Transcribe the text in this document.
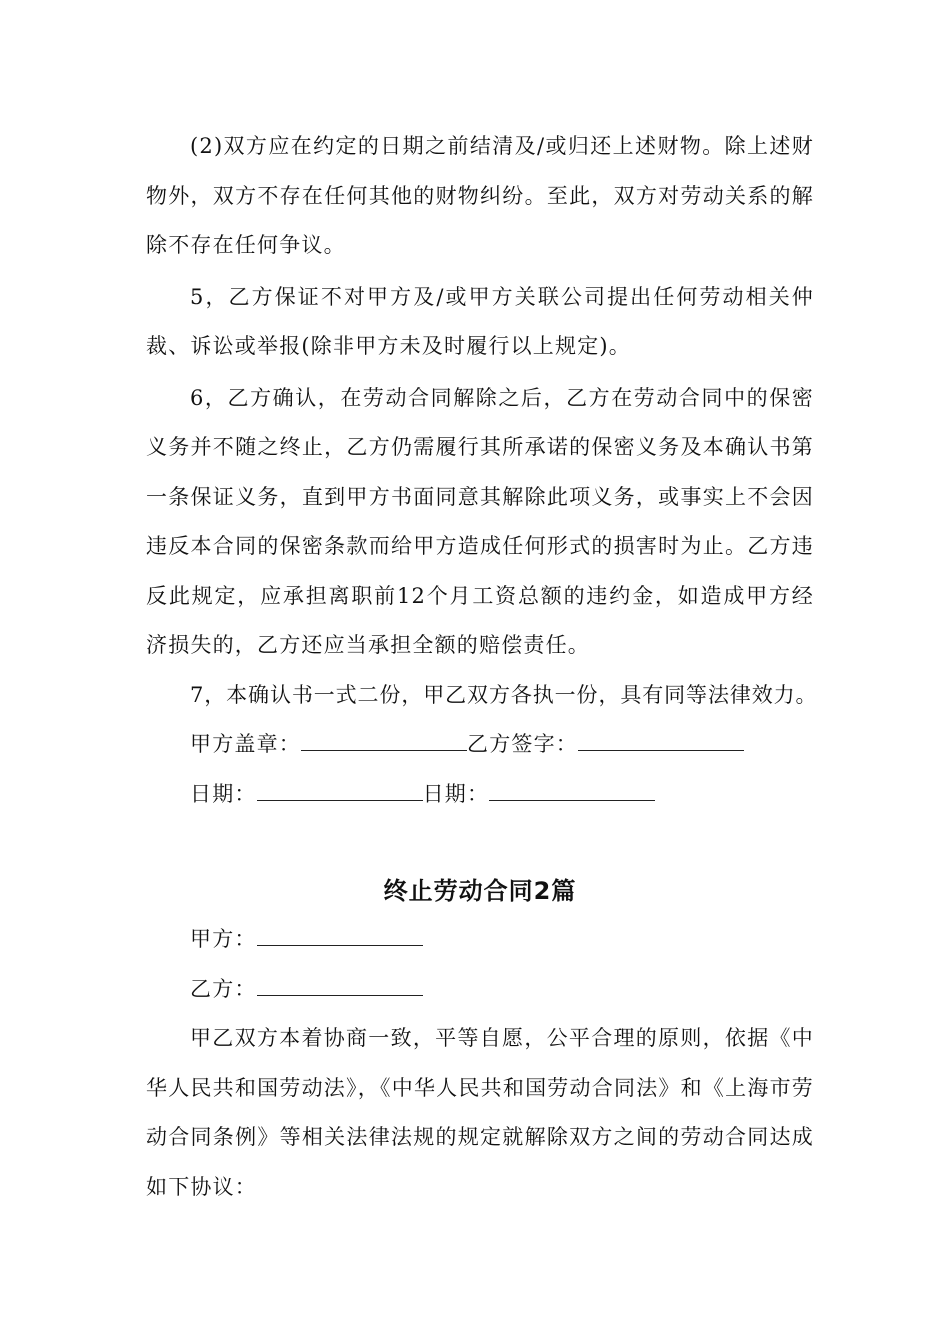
(2)双方应在约定的日期之前结清及/或归还上述财物。除上述财物外，双方不存在任何其他的财物纠纷。至此，双方对劳动关系的解除不存在任何争议。

5，乙方保证不对甲方及/或甲方关联公司提出任何劳动相关仲裁、诉讼或举报(除非甲方未及时履行以上规定)。

6，乙方确认，在劳动合同解除之后，乙方在劳动合同中的保密义务并不随之终止，乙方仍需履行其所承诺的保密义务及本确认书第一条保证义务，直到甲方书面同意其解除此项义务，或事实上不会因违反本合同的保密条款而给甲方造成任何形式的损害时为止。乙方违反此规定，应承担离职前12个月工资总额的违约金，如造成甲方经济损失的，乙方还应当承担全额的赔偿责任。

7，本确认书一式二份，甲乙双方各执一份，具有同等法律效力。

甲方盖章：	乙方签字：
日期：	日期：
终止劳动合同2篇
甲方：
乙方：

甲乙双方本着协商一致，平等自愿，公平合理的原则，依据《中华人民共和国劳动法》，《中华人民共和国劳动合同法》和《上海市劳动合同条例》等相关法律法规的规定就解除双方之间的劳动合同达成如下协议：
